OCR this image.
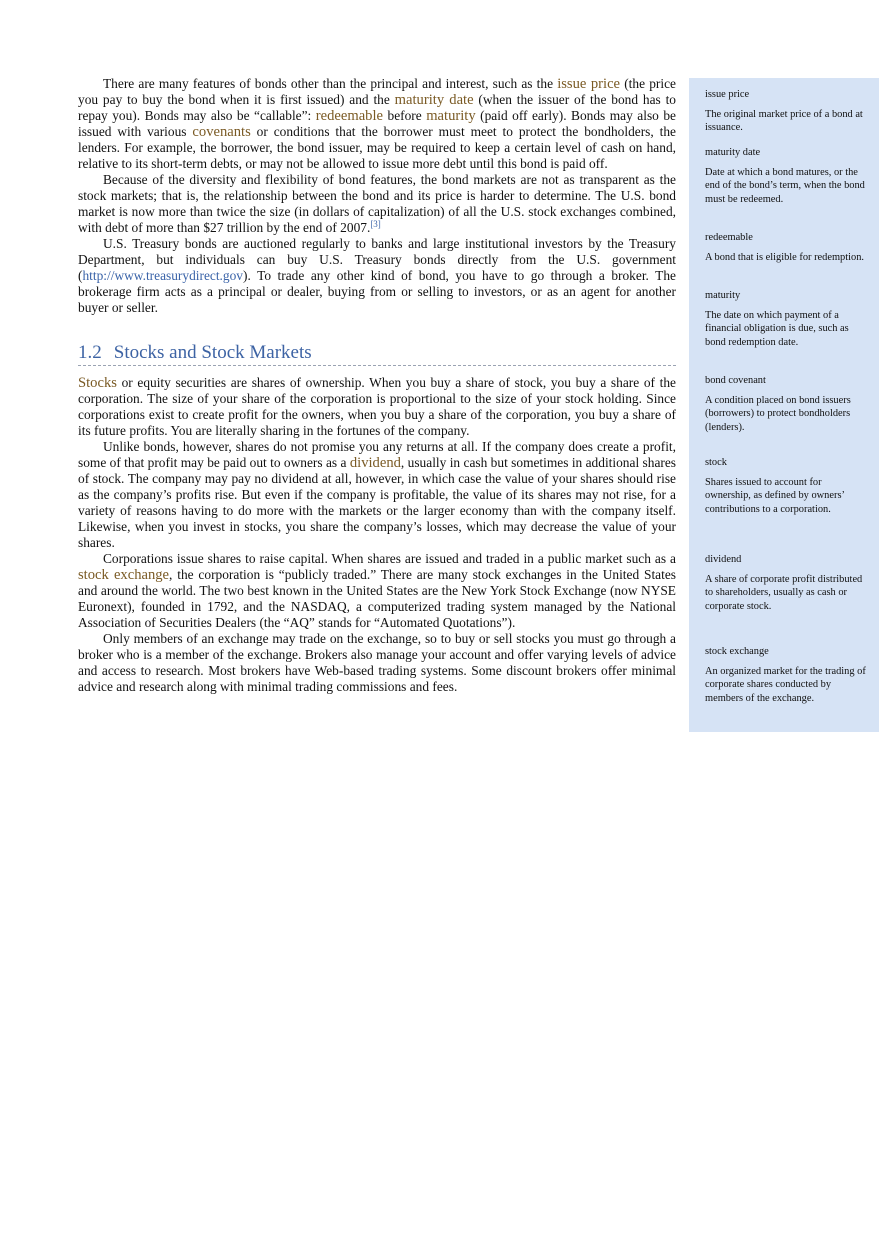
There are many features of bonds other than the principal and interest, such as the issue price (the price you pay to buy the bond when it is first issued) and the maturity date (when the issuer of the bond has to repay you). Bonds may also be “callable”: redeemable before maturity (paid off early). Bonds may also be issued with various covenants or conditions that the borrower must meet to protect the bondholders, the lenders. For example, the borrower, the bond issuer, may be required to keep a certain level of cash on hand, relative to its short-term debts, or may not be allowed to issue more debt until this bond is paid off.

Because of the diversity and flexibility of bond features, the bond markets are not as transparent as the stock markets; that is, the relationship between the bond and its price is harder to determine. The U.S. bond market is now more than twice the size (in dollars of capitalization) of all the U.S. stock exchanges combined, with debt of more than $27 trillion by the end of 2007.[3]

U.S. Treasury bonds are auctioned regularly to banks and large institutional investors by the Treasury Department, but individuals can buy U.S. Treasury bonds directly from the U.S. government (http://www.treasurydirect.gov). To trade any other kind of bond, you have to go through a broker. The brokerage firm acts as a principal or dealer, buying from or selling to investors, or as an agent for another buyer or seller.

1.2 Stocks and Stock Markets

Stocks or equity securities are shares of ownership. When you buy a share of stock, you buy a share of the corporation. The size of your share of the corporation is proportional to the size of your stock holding. Since corporations exist to create profit for the owners, when you buy a share of the corporation, you buy a share of its future profits. You are literally sharing in the fortunes of the company.

Unlike bonds, however, shares do not promise you any returns at all. If the company does create a profit, some of that profit may be paid out to owners as a dividend, usually in cash but sometimes in additional shares of stock. The company may pay no dividend at all, however, in which case the value of your shares should rise as the company’s profits rise. But even if the company is profitable, the value of its shares may not rise, for a variety of reasons having to do more with the markets or the larger economy than with the company itself. Likewise, when you invest in stocks, you share the company’s losses, which may decrease the value of your shares.

Corporations issue shares to raise capital. When shares are issued and traded in a public market such as a stock exchange, the corporation is “publicly traded.” There are many stock exchanges in the United States and around the world. The two best known in the United States are the New York Stock Exchange (now NYSE Euronext), founded in 1792, and the NASDAQ, a computerized trading system managed by the National Association of Securities Dealers (the “AQ” stands for “Automated Quotations”).

Only members of an exchange may trade on the exchange, so to buy or sell stocks you must go through a broker who is a member of the exchange. Brokers also manage your account and offer varying levels of advice and access to research. Most brokers have Web-based trading systems. Some discount brokers offer minimal advice and research along with minimal trading commissions and fees.

issue price

The original market price of a bond at issuance.

maturity date

Date at which a bond matures, or the end of the bond’s term, when the bond must be redeemed.

redeemable

A bond that is eligible for redemption.

maturity

The date on which payment of a financial obligation is due, such as bond redemption date.

bond covenant

A condition placed on bond issuers (borrowers) to protect bondholders (lenders).

stock

Shares issued to account for ownership, as defined by owners’ contributions to a corporation.

dividend

A share of corporate profit distributed to shareholders, usually as cash or corporate stock.

stock exchange

An organized market for the trading of corporate shares conducted by members of the exchange.
